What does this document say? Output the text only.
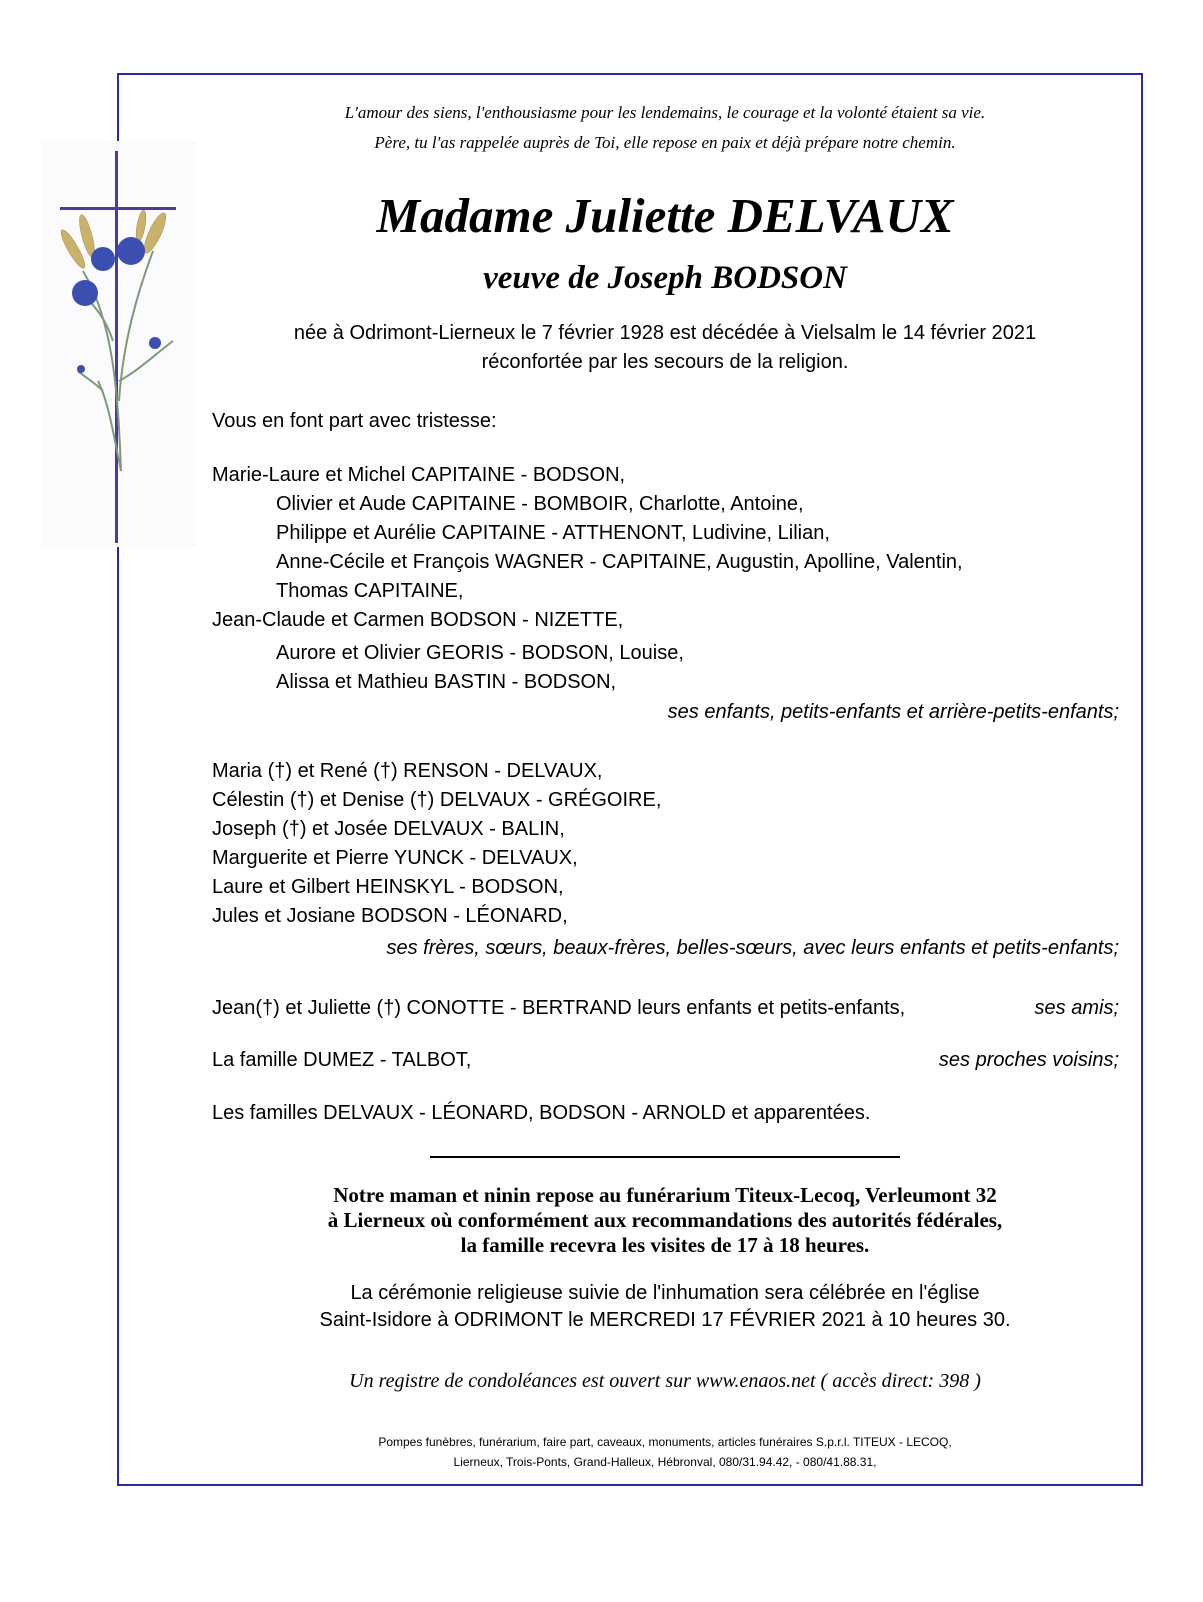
L'amour des siens, l'enthousiasme pour les lendemains, le courage et la volonté étaient sa vie.
Père, tu l'as rappelée auprès de Toi, elle repose en paix et déjà prépare notre chemin.
Madame Juliette DELVAUX
veuve de Joseph BODSON
née à Odrimont-Lierneux le 7 février 1928 est décédée à Vielsalm le 14 février 2021
réconfortée par les secours de la religion.
Vous en font part avec tristesse:
Marie-Laure et Michel CAPITAINE - BODSON,
Olivier et Aude CAPITAINE - BOMBOIR, Charlotte, Antoine,
Philippe et Aurélie CAPITAINE - ATTHENONT, Ludivine, Lilian,
Anne-Cécile et François WAGNER - CAPITAINE, Augustin, Apolline, Valentin,
Thomas CAPITAINE,
Jean-Claude et Carmen BODSON - NIZETTE,
Aurore et Olivier GEORIS - BODSON, Louise,
Alissa et Mathieu BASTIN - BODSON,
ses enfants, petits-enfants et arrière-petits-enfants;
Maria (†) et René (†) RENSON - DELVAUX,
Célestin (†) et Denise (†) DELVAUX - GRÉGOIRE,
Joseph (†) et Josée DELVAUX - BALIN,
Marguerite et Pierre YUNCK - DELVAUX,
Laure et Gilbert HEINSKYL - BODSON,
Jules et Josiane BODSON - LÉONARD,
ses frères, sœurs, beaux-frères, belles-sœurs, avec leurs enfants et petits-enfants;
Jean(†) et Juliette (†) CONOTTE - BERTRAND leurs enfants et petits-enfants,	ses amis;
La famille DUMEZ - TALBOT,	ses proches voisins;
Les familles DELVAUX - LÉONARD, BODSON - ARNOLD et apparentées.
Notre maman et ninin repose au funérarium Titeux-Lecoq, Verleumont 32
à Lierneux où conformément aux recommandations des autorités fédérales,
la famille recevra les visites de 17 à 18 heures.
La cérémonie religieuse suivie de l'inhumation sera célébrée en l'église
Saint-Isidore à ODRIMONT le MERCREDI 17 FÉVRIER 2021 à 10 heures 30.
Un registre de condoléances est ouvert sur www.enaos.net ( accès direct: 398 )
Pompes funèbres, funérarium, faire part, caveaux, monuments, articles funéraires S.p.r.l. TITEUX - LECOQ,
Lierneux, Trois-Ponts, Grand-Halleux, Hébronval, 080/31.94.42, - 080/41.88.31,
